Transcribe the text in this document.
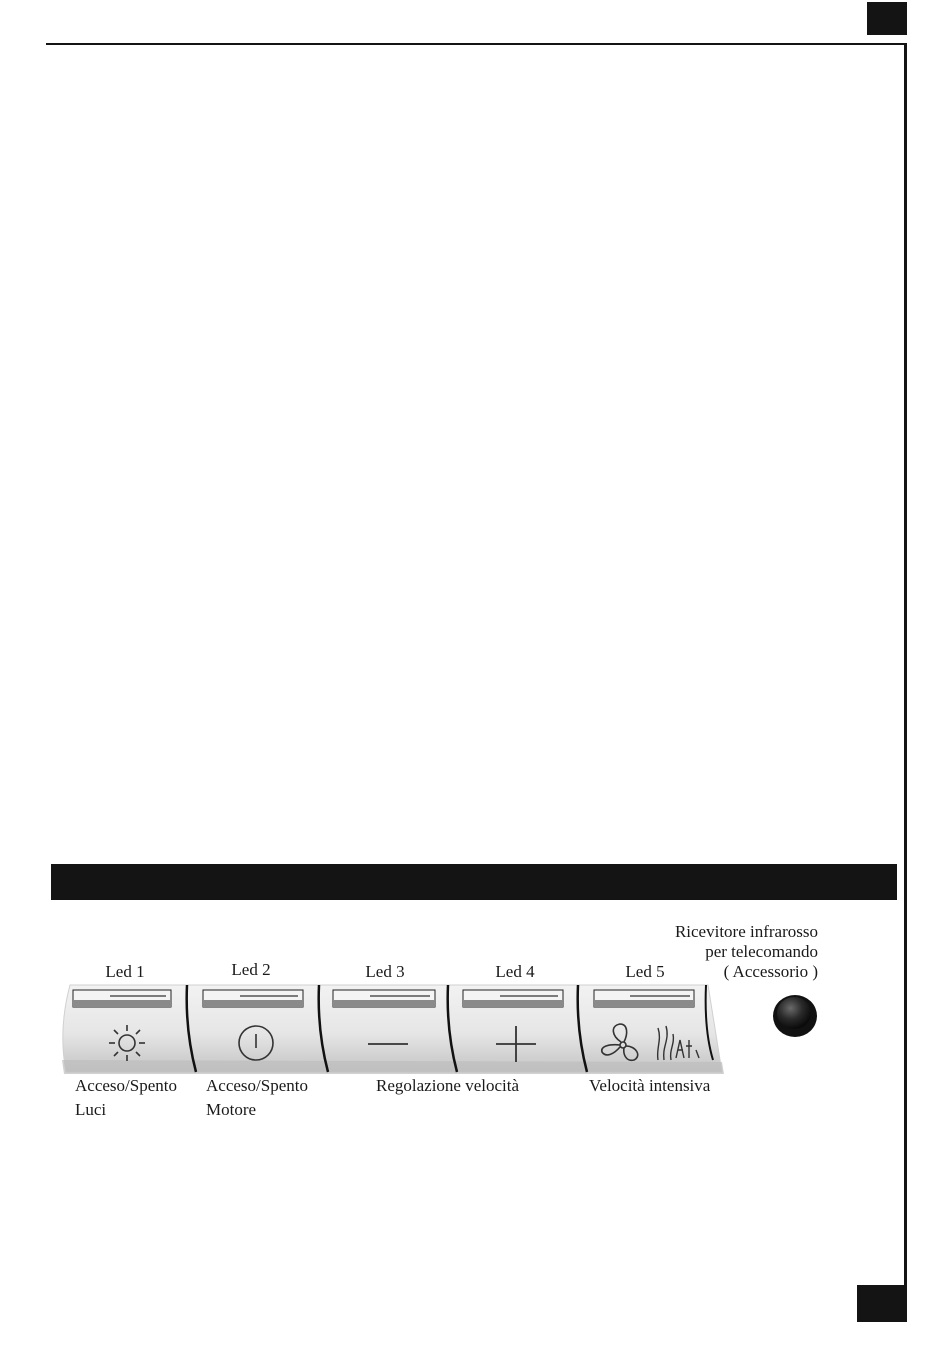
Ricevitore infrarosso
per telecomando
( Accessorio )
Led 1	Led 2	Led 3	Led 4	Led 5
Acceso/Spento
Luci
Acceso/Spento
Motore
Regolazione velocità	Velocità intensiva
